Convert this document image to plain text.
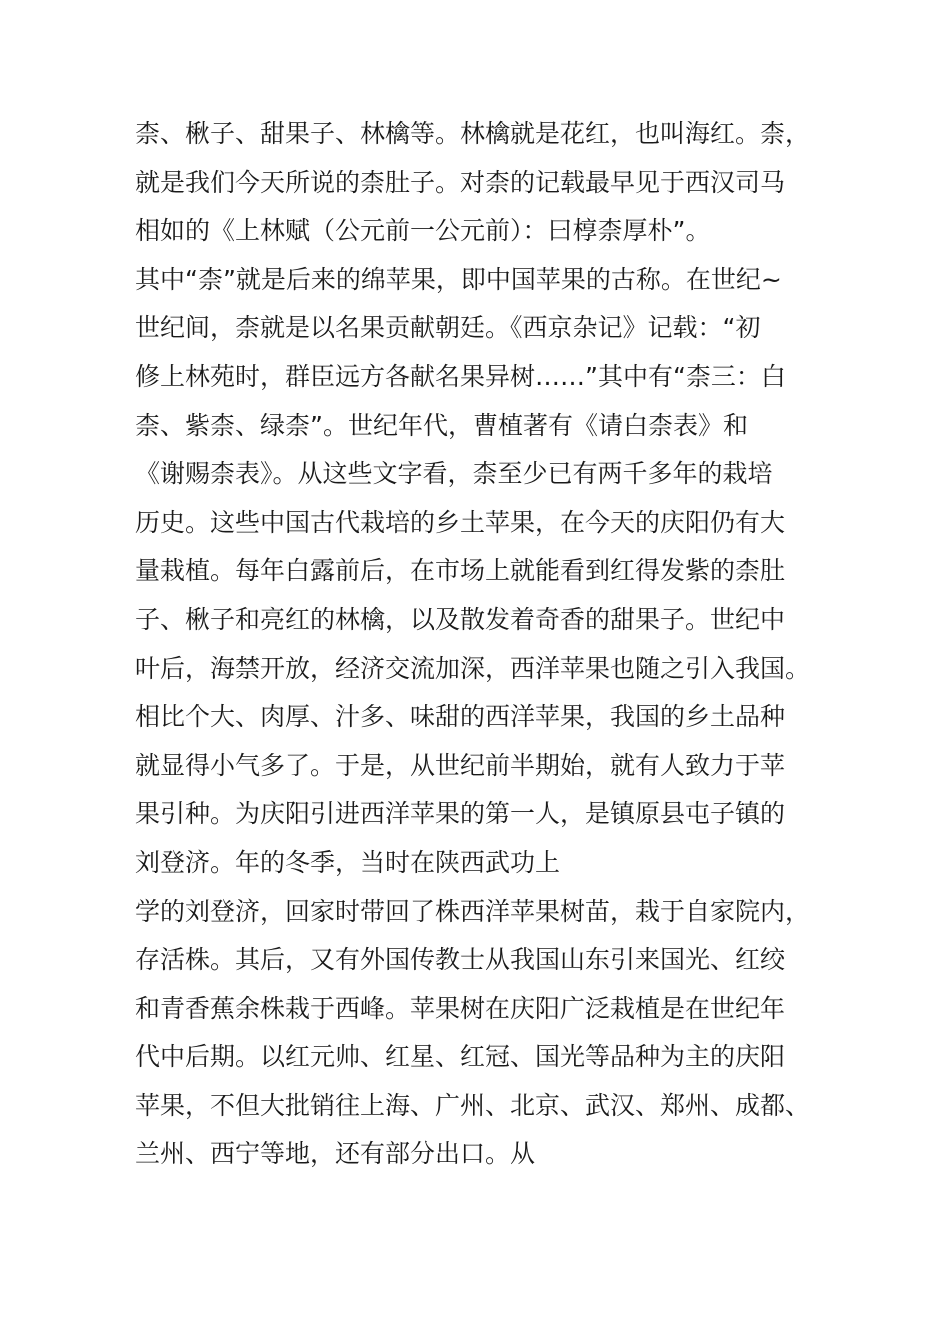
柰、楸子、甜果子、林檎等。林檎就是花红，也叫海红。柰，
就是我们今天所说的柰肚子。对柰的记载最早见于西汉司马
相如的《上林赋（公元前一公元前）：曰椁柰厚朴”。
其中“柰”就是后来的绵苹果，即中国苹果的古称。在世纪~
世纪间，柰就是以名果贡献朝廷。《西京杂记》记载：“初
修上林苑时，群臣远方各献名果异树……”其中有“柰三：白
柰、紫柰、绿柰”。世纪年代，曹植著有《请白柰表》和
《谢赐柰表》。从这些文字看，柰至少已有两千多年的栽培
历史。这些中国古代栽培的乡土苹果，在今天的庆阳仍有大
量栽植。每年白露前后，在市场上就能看到红得发紫的柰肚
子、楸子和亮红的林檎，以及散发着奇香的甜果子。世纪中
叶后，海禁开放，经济交流加深，西洋苹果也随之引入我国。
相比个大、肉厚、汁多、味甜的西洋苹果，我国的乡土品种
就显得小气多了。于是，从世纪前半期始，就有人致力于苹
果引种。为庆阳引进西洋苹果的第一人，是镇原县屯子镇的
刘登济。年的冬季，当时在陕西武功上
学的刘登济，回家时带回了株西洋苹果树苗，栽于自家院内，
存活株。其后，又有外国传教士从我国山东引来国光、红绞
和青香蕉余株栽于西峰。苹果树在庆阳广泛栽植是在世纪年
代中后期。以红元帅、红星、红冠、国光等品种为主的庆阳
苹果，不但大批销往上海、广州、北京、武汉、郑州、成都、
兰州、西宁等地，还有部分出口。从
